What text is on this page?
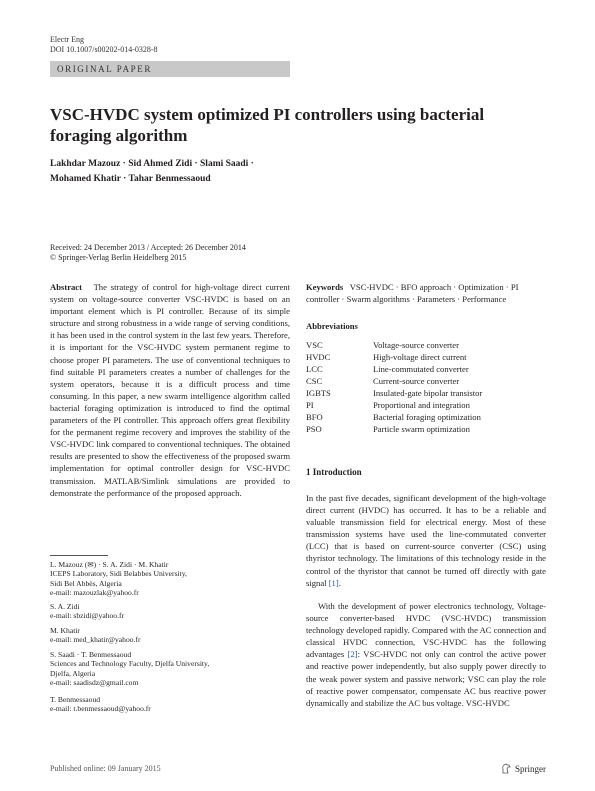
Electr Eng
DOI 10.1007/s00202-014-0328-8
ORIGINAL PAPER
VSC-HVDC system optimized PI controllers using bacterial foraging algorithm
Lakhdar Mazouz · Sid Ahmed Zidi · Slami Saadi ·
Mohamed Khatir · Tahar Benmessaoud
Received: 24 December 2013 / Accepted: 26 December 2014
© Springer-Verlag Berlin Heidelberg 2015
Abstract The strategy of control for high-voltage direct current system on voltage-source converter VSC-HVDC is based on an important element which is PI controller. Because of its simple structure and strong robustness in a wide range of serving conditions, it has been used in the control system in the last few years. Therefore, it is important for the VSC-HVDC system permanent regime to choose proper PI parameters. The use of conventional techniques to find suitable PI parameters creates a number of challenges for the system operators, because it is a difficult process and time consuming. In this paper, a new swarm intelligence algorithm called bacterial foraging optimization is introduced to find the optimal parameters of the PI controller. This approach offers great flexibility for the permanent regime recovery and improves the stability of the VSC-HVDC link compared to conventional techniques. The obtained results are presented to show the effectiveness of the proposed swarm implementation for optimal controller design for VSC-HVDC transmission. MATLAB/Simlink simulations are provided to demonstrate the performance of the proposed approach.
L. Mazouz (✉) · S. A. Zidi · M. Khatir
ICEPS Laboratory, Sidi Belabbes University,
Sidi Bel Abbès, Algeria
e-mail: mazouzlak@yahoo.fr
S. A. Zidi
e-mail: sbzidi@yahoo.fr
M. Khatir
e-mail: med_khatir@yahoo.fr
S. Saadi · T. Benmessaoud
Sciences and Technology Faculty, Djelfa University,
Djelfa, Algeria
e-mail: saadisdz@gmail.com
T. Benmessaoud
e-mail: t.benmessaoud@yahoo.fr
Keywords VSC-HVDC · BFO approach · Optimization · PI controller · Swarm algorithms · Parameters · Performance
Abbreviations
VSC	Voltage-source converter
HVDC	High-voltage direct current
LCC	Line-commutated converter
CSC	Current-source converter
IGBTS	Insulated-gate bipolar transistor
PI	Proportional and integration
BFO	Bacterial foraging optimization
PSO	Particle swarm optimization
1 Introduction
In the past five decades, significant development of the high-voltage direct current (HVDC) has occurred. It has to be a reliable and valuable transmission field for electrical energy. Most of these transmission systems have used the line-commutated converter (LCC) that is based on current-source converter (CSC) using thyristor technology. The limitations of this technology reside in the control of the thyristor that cannot be turned off directly with gate signal [1].
With the development of power electronics technology, Voltage-source converter-based HVDC (VSC-HVDC) transmission technology developed rapidly. Compared with the AC connection and classical HVDC connection, VSC-HVDC has the following advantages [2]: VSC-HVDC not only can control the active power and reactive power independently, but also supply power directly to the weak power system and passive network; VSC can play the role of reactive power compensator, compensate AC bus reactive power dynamically and stabilize the AC bus voltage. VSC-HVDC
Published online: 09 January 2015	Springer
